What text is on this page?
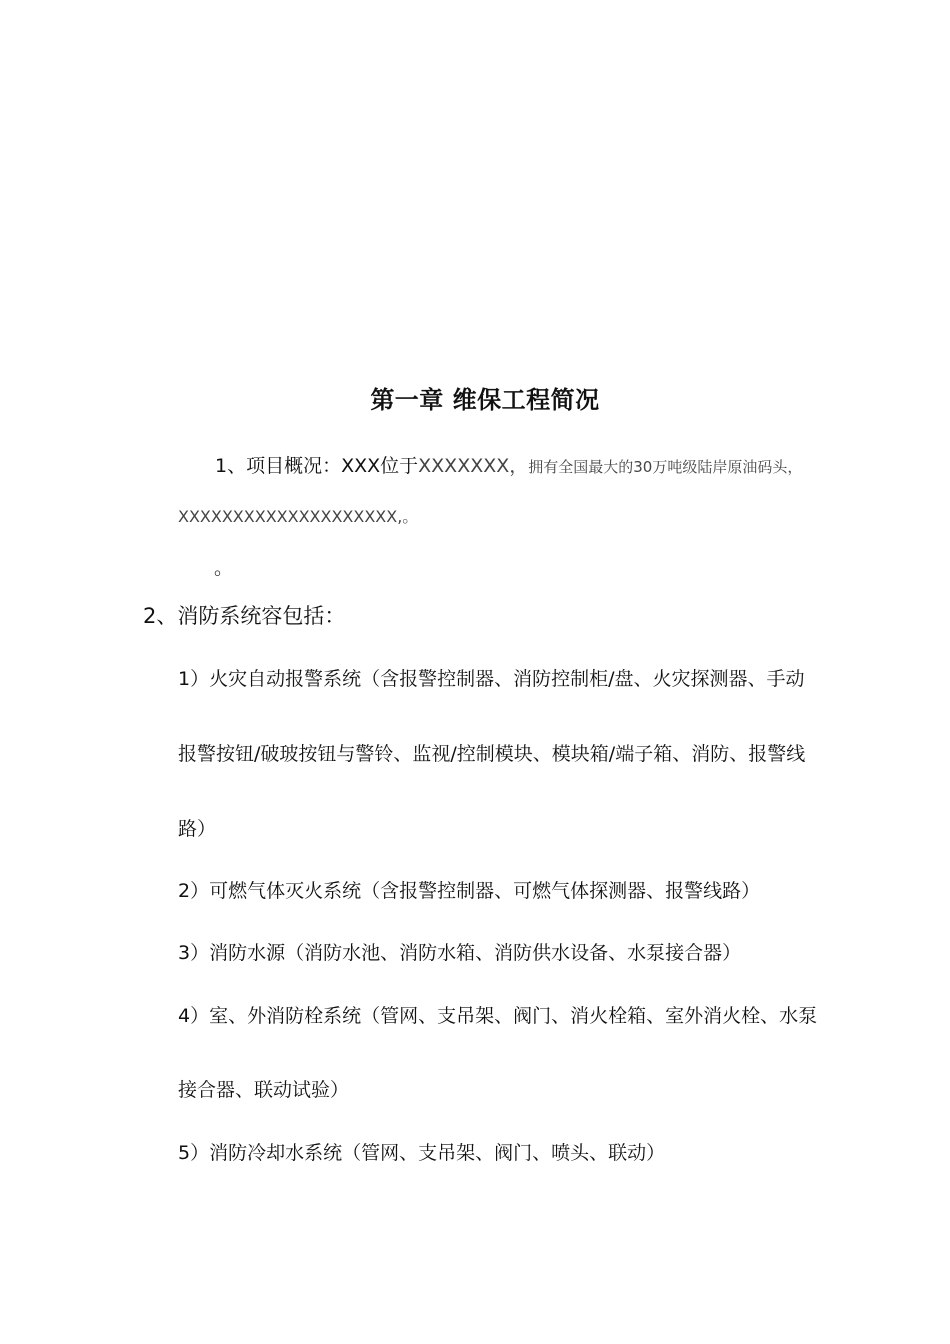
第一章 维保工程简况
1、项目概况：XXX位于XXXXXXX，拥有全国最大的30万吨级陆岸原油码头，
XXXXXXXXXXXXXXXXXXXX,。
。
2、消防系统容包括：
1）火灾自动报警系统（含报警控制器、消防控制柜/盘、火灾探测器、手动
报警按钮/破玻按钮与警铃、监视/控制模块、模块箱/端子箱、消防、报警线
路）
2）可燃气体灭火系统（含报警控制器、可燃气体探测器、报警线路）
3）消防水源（消防水池、消防水箱、消防供水设备、水泵接合器）
4）室、外消防栓系统（管网、支吊架、阀门、消火栓箱、室外消火栓、水泵
接合器、联动试验）
5）消防冷却水系统（管网、支吊架、阀门、喷头、联动）
